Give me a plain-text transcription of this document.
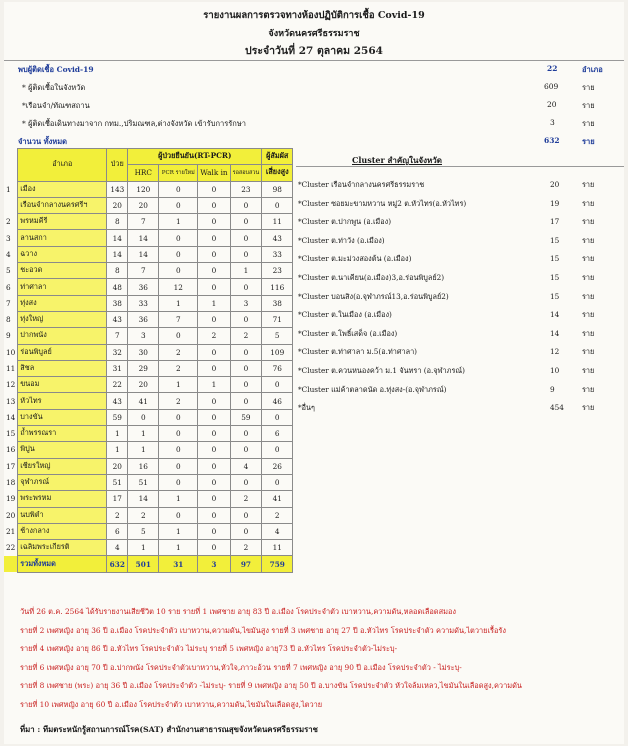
รายงานผลการตรวจทางห้องปฏิบัติการเชื้อ Covid-19
จังหวัดนครศรีธรรมราช
ประจำวันที่ 27 ตุลาคม 2564
พบผู้ติดเชื้อ Covid-19	22	อำเภอ
* ผู้ติดเชื้อในจังหวัด	609	ราย
*เรือนจำ/ทัณฑสถาน	20	ราย
* ผู้ติดเชื้อเดินทางมาจาก กทม.,ปริมณฑล,ต่างจังหวัด เข้ารับการรักษา	3	ราย
จำนวน ทั้งหมด	632	ราย
	อำเภอ	ป่วย	ผู้ป่วยยืนยัน(RT-PCR)				ผู้สัมผัส
			HRC	PCR รายใหม่	Walk in	รอสอบสวน	เสี่ยงสูง
1	เมือง	143	120	0	0	23	98
	เรือนจำกลางนครศรีฯ	20	20	0	0	0	0
2	พรหมคีรี	8	7	1	0	0	11
3	ลานสกา	14	14	0	0	0	43
4	ฉวาง	14	14	0	0	0	33
5	ชะอวด	8	7	0	0	1	23
6	ท่าศาลา	48	36	12	0	0	116
7	ทุ่งสง	38	33	1	1	3	38
8	ทุ่งใหญ่	43	36	7	0	0	71
9	ปากพนัง	7	3	0	2	2	5
10	ร่อนพิบูลย์	32	30	2	0	0	109
11	สิชล	31	29	2	0	0	76
12	ขนอม	22	20	1	1	0	0
13	หัวไทร	43	41	2	0	0	46
14	บางขัน	59	0	0	0	59	0
15	ถ้ำพรรณรา	1	1	0	0	0	6
16	พิปูน	1	1	0	0	0	0
17	เชียรใหญ่	20	16	0	0	4	26
18	จุฬาภรณ์	51	51	0	0	0	0
19	พระพรหม	17	14	1	0	2	41
20	นบพิตำ	2	2	0	0	0	2
21	ช้างกลาง	6	5	1	0	0	4
22	เฉลิมพระเกียรติ	4	1	1	0	2	11
	รวมทั้งหมด	632	501	31	3	97	759
Cluster สำคัญในจังหวัด
*Cluster เรือนจำกลางนครศรีธรรมราช	20	ราย
*Cluster ซอยมะขามหวาน หมู่2 ต.หัวไทร(อ.หัวไทร)	19	ราย
*Cluster ต.ปากพูน (อ.เมือง)	17	ราย
*Cluster ต.ท่าวัง (อ.เมือง)	15	ราย
*Cluster ต.มะม่วงสองต้น (อ.เมือง)	15	ราย
*Cluster ต.นาเคียน(อ.เมือง)3,อ.ร่อนพิบูลย์2)	15	ราย
*Cluster บอนสิง(อ.จุฬาภรณ์13,อ.ร่อนพิบูลย์2)	15	ราย
*Cluster ต.ในเมือง (อ.เมือง)	14	ราย
*Cluster ต.โพธิ์เสด็จ (อ.เมือง)	14	ราย
*Cluster ต.ท่าศาลา ม.5(อ.ท่าศาลา)	12	ราย
*Cluster ต.ควนหนองคว้า ม.1 จันทรา (อ.จุฬาภรณ์)	10	ราย
*Cluster แม่ค้าตลาดนัด อ.ทุ่งสง-(อ.จุฬาภรณ์)	9	ราย
*อื่นๆ	454 ราย
วันที่ 26 ต.ค. 2564 ได้รับรายงานเสียชีวิต 10 ราย รายที่ 1 เพศชาย อายุ 83 ปี อ.เมือง โรคประจำตัว เบาหวาน,ความดัน,หลอดเลือดสมอง
รายที่ 2 เพศหญิง อายุ 36 ปี อ.เมือง โรคประจำตัว เบาหวาน,ความดัน,ไขมันสูง รายที่ 3 เพศชาย อายุ 27 ปี อ.หัวไทร โรคประจำตัว ความดัน,ไตวายเรื้อรัง
รายที่ 4 เพศหญิง อายุ 86 ปี อ.หัวไทร โรคประจำตัว ไม่ระบุ รายที่ 5 เพศหญิง อายุ73 ปี อ.หัวไทร โรคประจำตัว-ไม่ระบุ-
รายที่ 6 เพศหญิง อายุ 70 ปี อ.ปากพนัง โรคประจำตัวเบาหวาน,หัวใจ,ภาวะอ้วน รายที่ 7 เพศหญิง อายุ 90 ปี อ.เมือง โรคประจำตัว - ไม่ระบุ-
รายที่ 8 เพศชาย (พระ) อายุ 36 ปี อ.เมือง โรคประจำตัว -ไม่ระบุ- รายที่ 9 เพศหญิง อายุ 50 ปี อ.บางขัน โรคประจำตัว หัวใจล้มเหลว,ไขมันในเลือดสูง,ความดัน
รายที่ 10 เพศหญิง อายุ 60 ปี อ.เมือง โรคประจำตัว เบาหวาน,ความดัน,ไขมันในเลือดสูง,ไตวาย
ที่มา : ทีมตระหนักรู้สถานการณ์โรค(SAT) สำนักงานสาธารณสุขจังหวัดนครศรีธรรมราช
